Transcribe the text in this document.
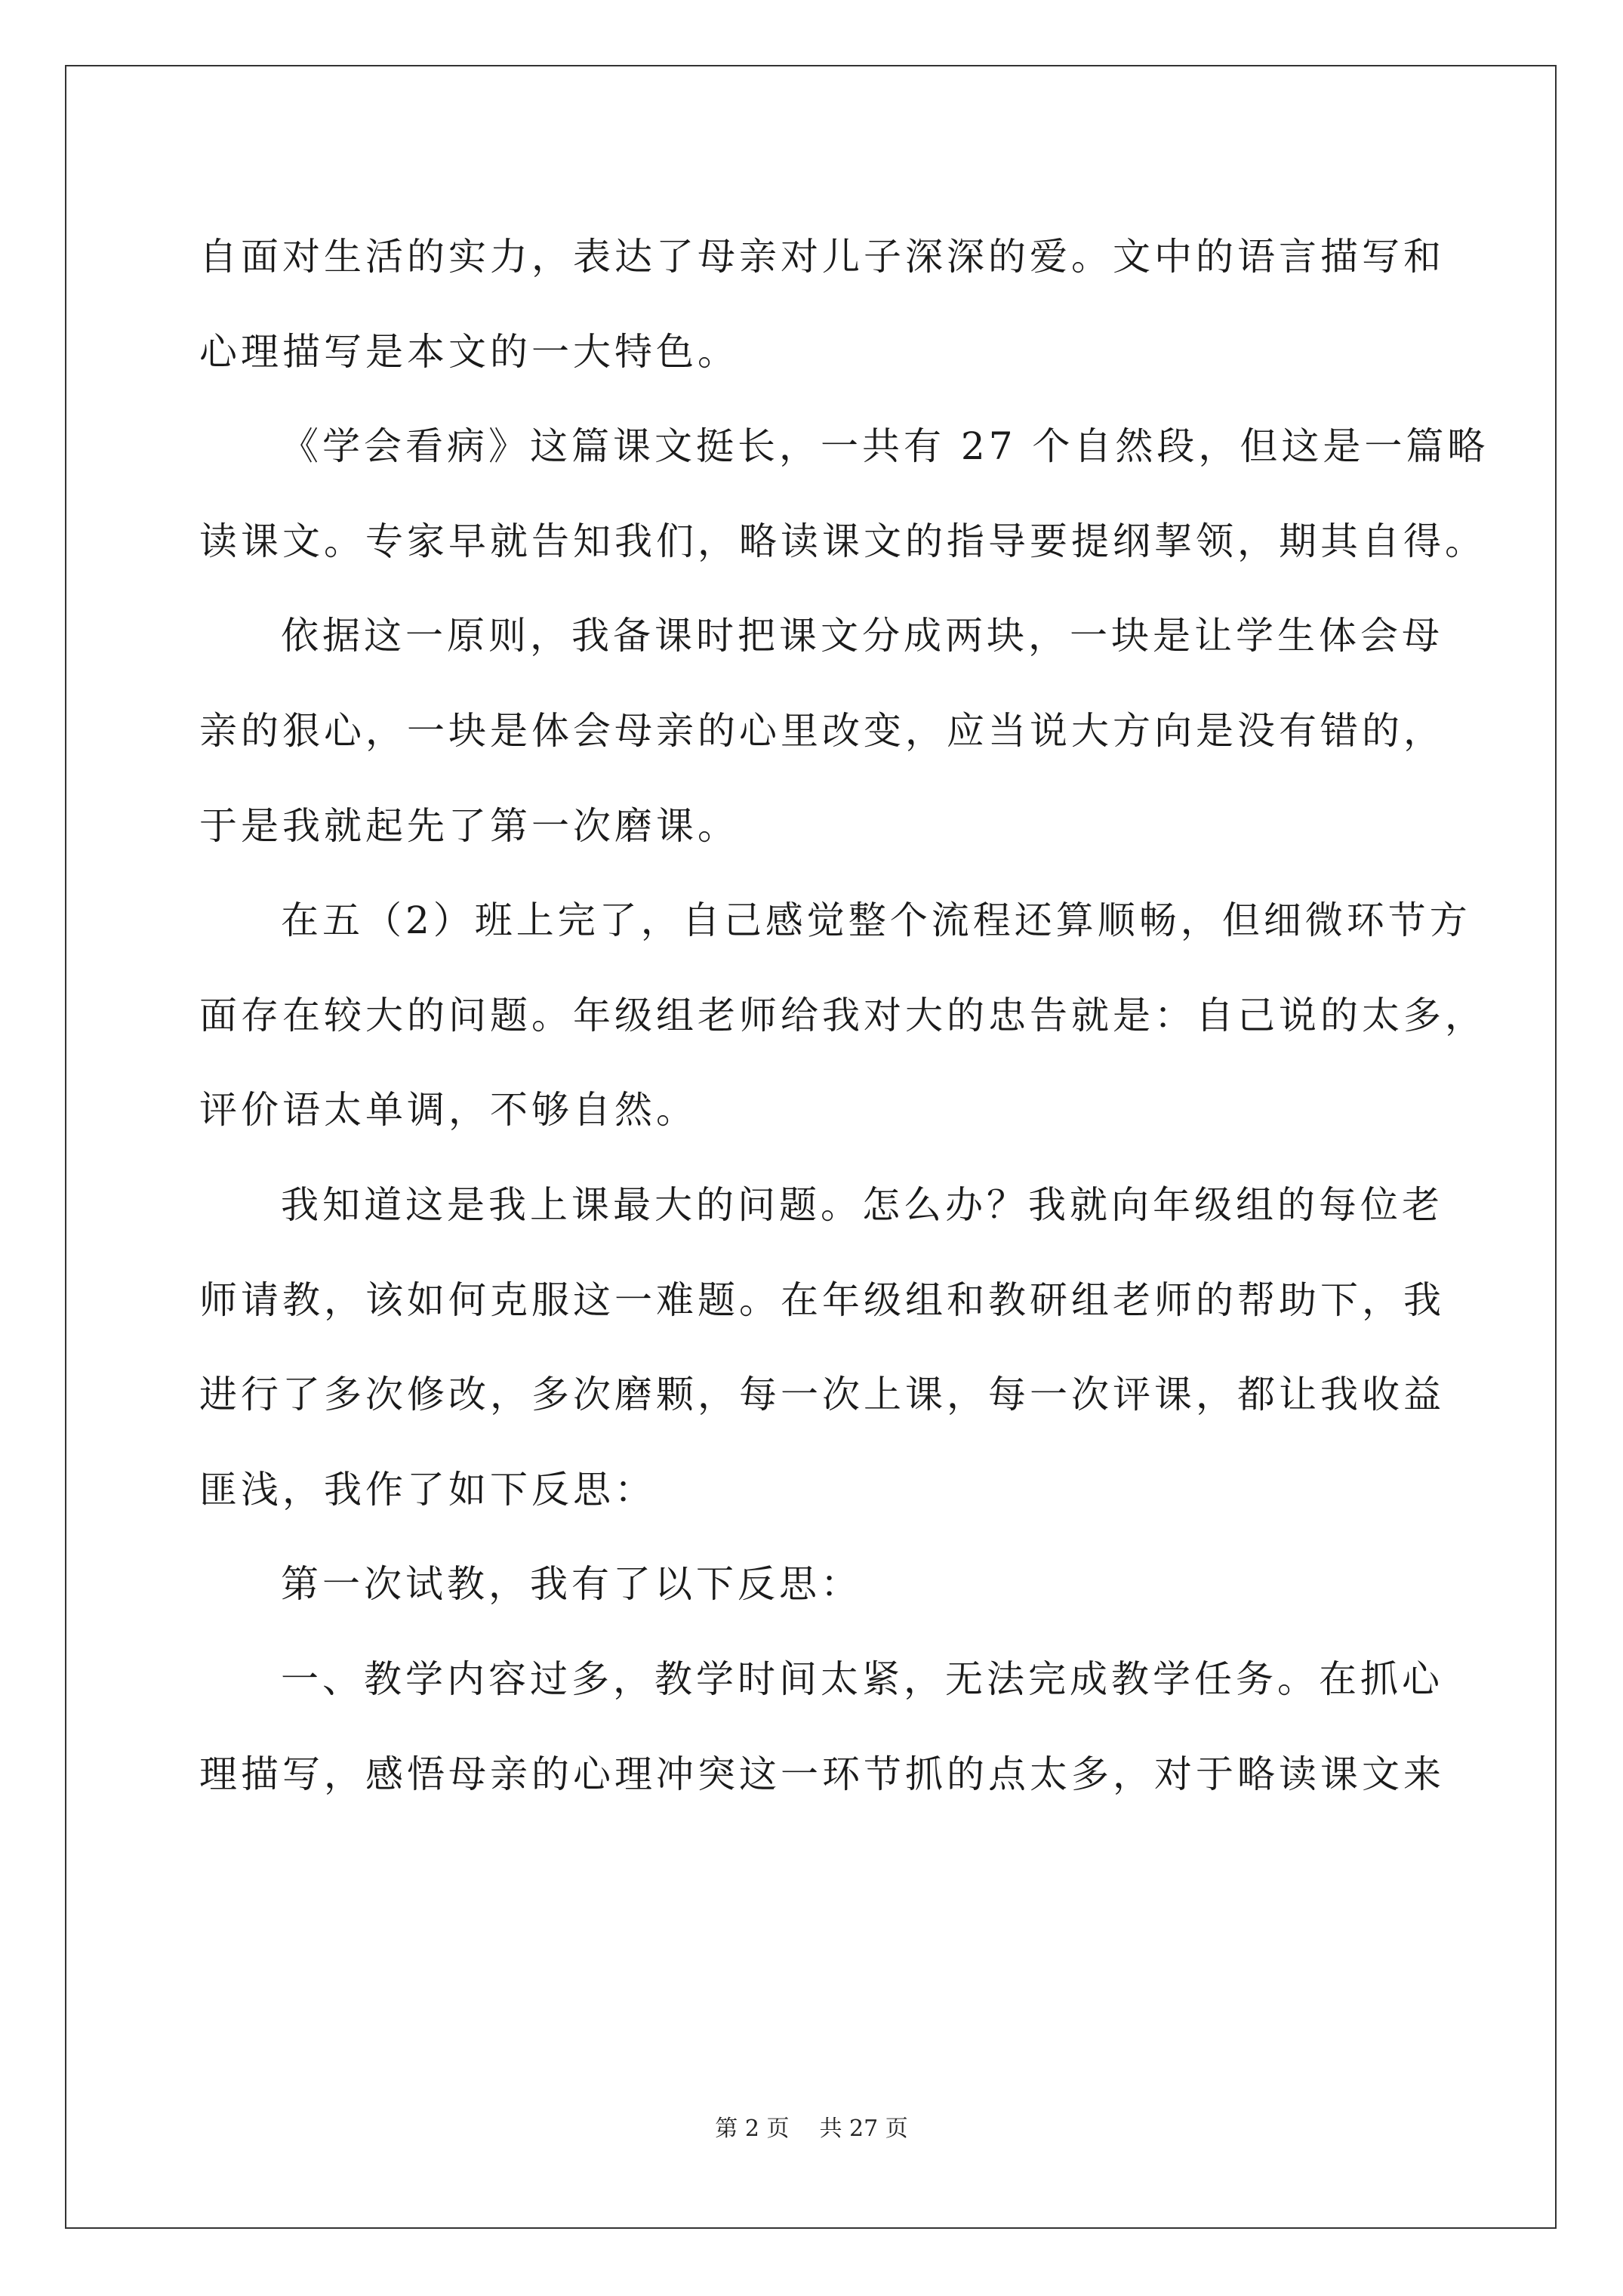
自面对生活的实力，表达了母亲对儿子深深的爱。文中的语言描写和
心理描写是本文的一大特色。
《学会看病》这篇课文挺长，一共有 27 个自然段，但这是一篇略
读课文。专家早就告知我们，略读课文的指导要提纲挈领，期其自得。
依据这一原则，我备课时把课文分成两块，一块是让学生体会母
亲的狠心，一块是体会母亲的心里改变，应当说大方向是没有错的，
于是我就起先了第一次磨课。
在五（2）班上完了，自己感觉整个流程还算顺畅，但细微环节方
面存在较大的问题。年级组老师给我对大的忠告就是：自己说的太多，
评价语太单调，不够自然。
我知道这是我上课最大的问题。怎么办？我就向年级组的每位老
师请教，该如何克服这一难题。在年级组和教研组老师的帮助下，我
进行了多次修改，多次磨颗，每一次上课，每一次评课，都让我收益
匪浅，我作了如下反思：
第一次试教，我有了以下反思：
一、教学内容过多，教学时间太紧，无法完成教学任务。在抓心
理描写，感悟母亲的心理冲突这一环节抓的点太多，对于略读课文来
第 2 页 共 27 页
